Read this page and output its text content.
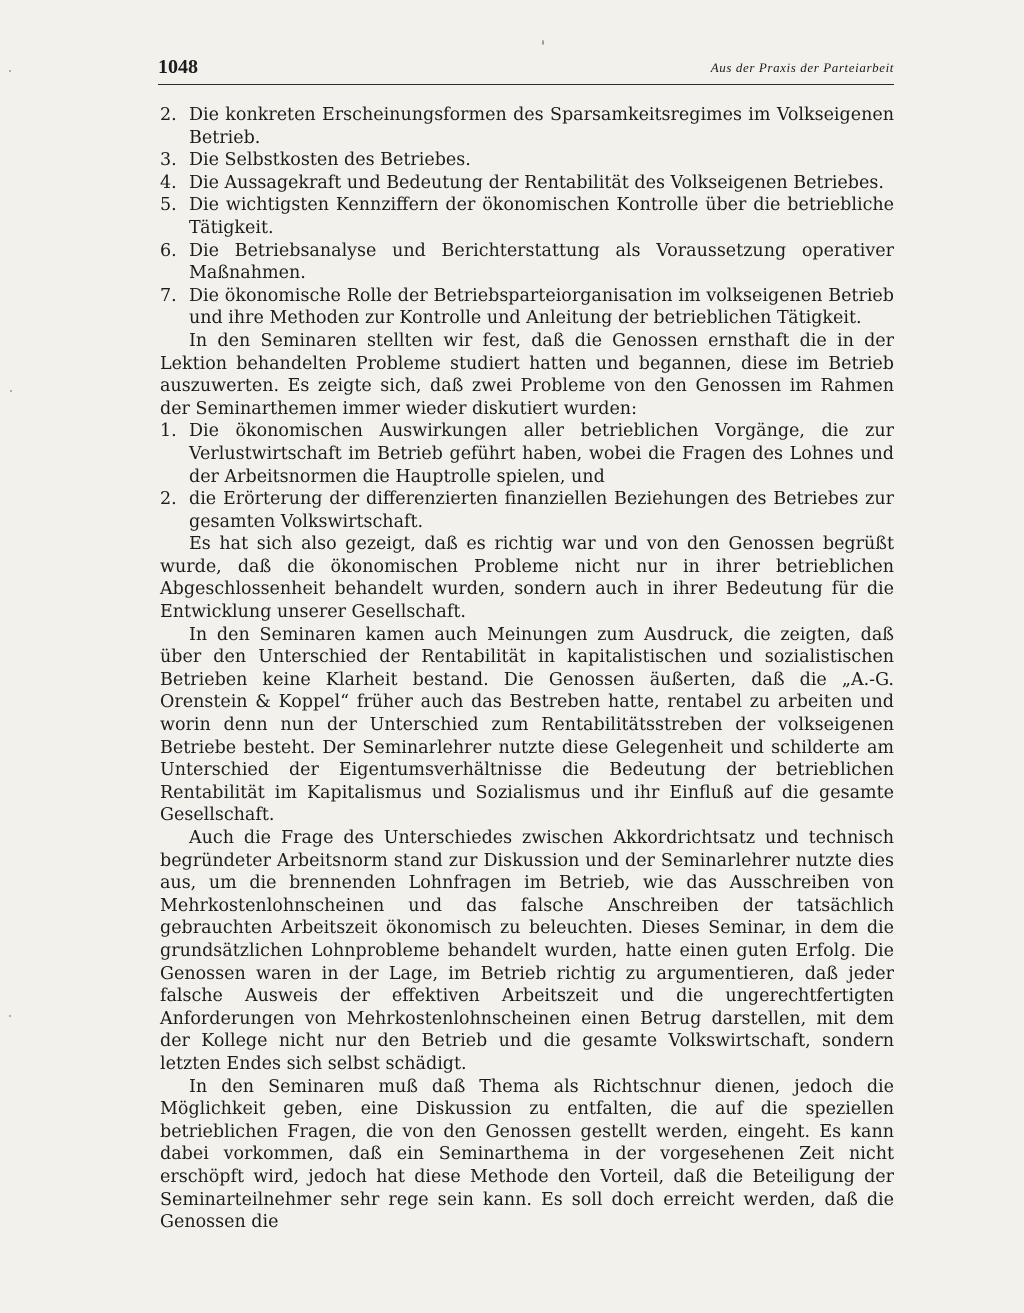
1048	Aus der Praxis der Parteiarbeit
2. Die konkreten Erscheinungsformen des Sparsamkeitsregimes im Volkseigenen Betrieb.
3. Die Selbstkosten des Betriebes.
4. Die Aussagekraft und Bedeutung der Rentabilität des Volkseigenen Betriebes.
5. Die wichtigsten Kennziffern der ökonomischen Kontrolle über die betriebliche Tätigkeit.
6. Die Betriebsanalyse und Berichterstattung als Voraussetzung operativer Maßnahmen.
7. Die ökonomische Rolle der Betriebsparteiorganisation im volkseigenen Betrieb und ihre Methoden zur Kontrolle und Anleitung der betrieblichen Tätigkeit.

In den Seminaren stellten wir fest, daß die Genossen ernsthaft die in der Lektion behandelten Probleme studiert hatten und begannen, diese im Betrieb auszuwerten. Es zeigte sich, daß zwei Probleme von den Genossen im Rahmen der Seminarthemen immer wieder diskutiert wurden:

1. Die ökonomischen Auswirkungen aller betrieblichen Vorgänge, die zur Verlustwirtschaft im Betrieb geführt haben, wobei die Fragen des Lohnes und der Arbeitsnormen die Hauptrolle spielen, und
2. die Erörterung der differenzierten finanziellen Beziehungen des Betriebes zur gesamten Volkswirtschaft.

Es hat sich also gezeigt, daß es richtig war und von den Genossen begrüßt wurde, daß die ökonomischen Probleme nicht nur in ihrer betrieblichen Abgeschlossenheit behandelt wurden, sondern auch in ihrer Bedeutung für die Entwicklung unserer Gesellschaft.

In den Seminaren kamen auch Meinungen zum Ausdruck, die zeigten, daß über den Unterschied der Rentabilität in kapitalistischen und sozialistischen Betrieben keine Klarheit bestand. Die Genossen äußerten, daß die „A.-G. Orenstein & Koppel“ früher auch das Bestreben hatte, rentabel zu arbeiten und worin denn nun der Unterschied zum Rentabilitätsstreben der volkseigenen Betriebe besteht. Der Seminarlehrer nutzte diese Gelegenheit und schilderte am Unterschied der Eigentumsverhältnisse die Bedeutung der betrieblichen Rentabilität im Kapitalismus und Sozialismus und ihr Einfluß auf die gesamte Gesellschaft.

Auch die Frage des Unterschiedes zwischen Akkordrichtsatz und technisch begründeter Arbeitsnorm stand zur Diskussion und der Seminarlehrer nutzte dies aus, um die brennenden Lohnfragen im Betrieb, wie das Ausschreiben von Mehrkostenlohnscheinen und das falsche Anschreiben der tatsächlich gebrauchten Arbeitszeit ökonomisch zu beleuchten. Dieses Seminar, in dem die grundsätzlichen Lohnprobleme behandelt wurden, hatte einen guten Erfolg. Die Genossen waren in der Lage, im Betrieb richtig zu argumentieren, daß jeder falsche Ausweis der effektiven Arbeitszeit und die ungerechtfertigten Anforderungen von Mehrkostenlohnscheinen einen Betrug darstellen, mit dem der Kollege nicht nur den Betrieb und die gesamte Volkswirtschaft, sondern letzten Endes sich selbst schädigt.

In den Seminaren muß daß Thema als Richtschnur dienen, jedoch die Möglichkeit geben, eine Diskussion zu entfalten, die auf die speziellen betrieblichen Fragen, die von den Genossen gestellt werden, eingeht. Es kann dabei vorkommen, daß ein Seminarthema in der vorgesehenen Zeit nicht erschöpft wird, jedoch hat diese Methode den Vorteil, daß die Beteiligung der Seminarteilnehmer sehr rege sein kann. Es soll doch erreicht werden, daß die Genossen die
